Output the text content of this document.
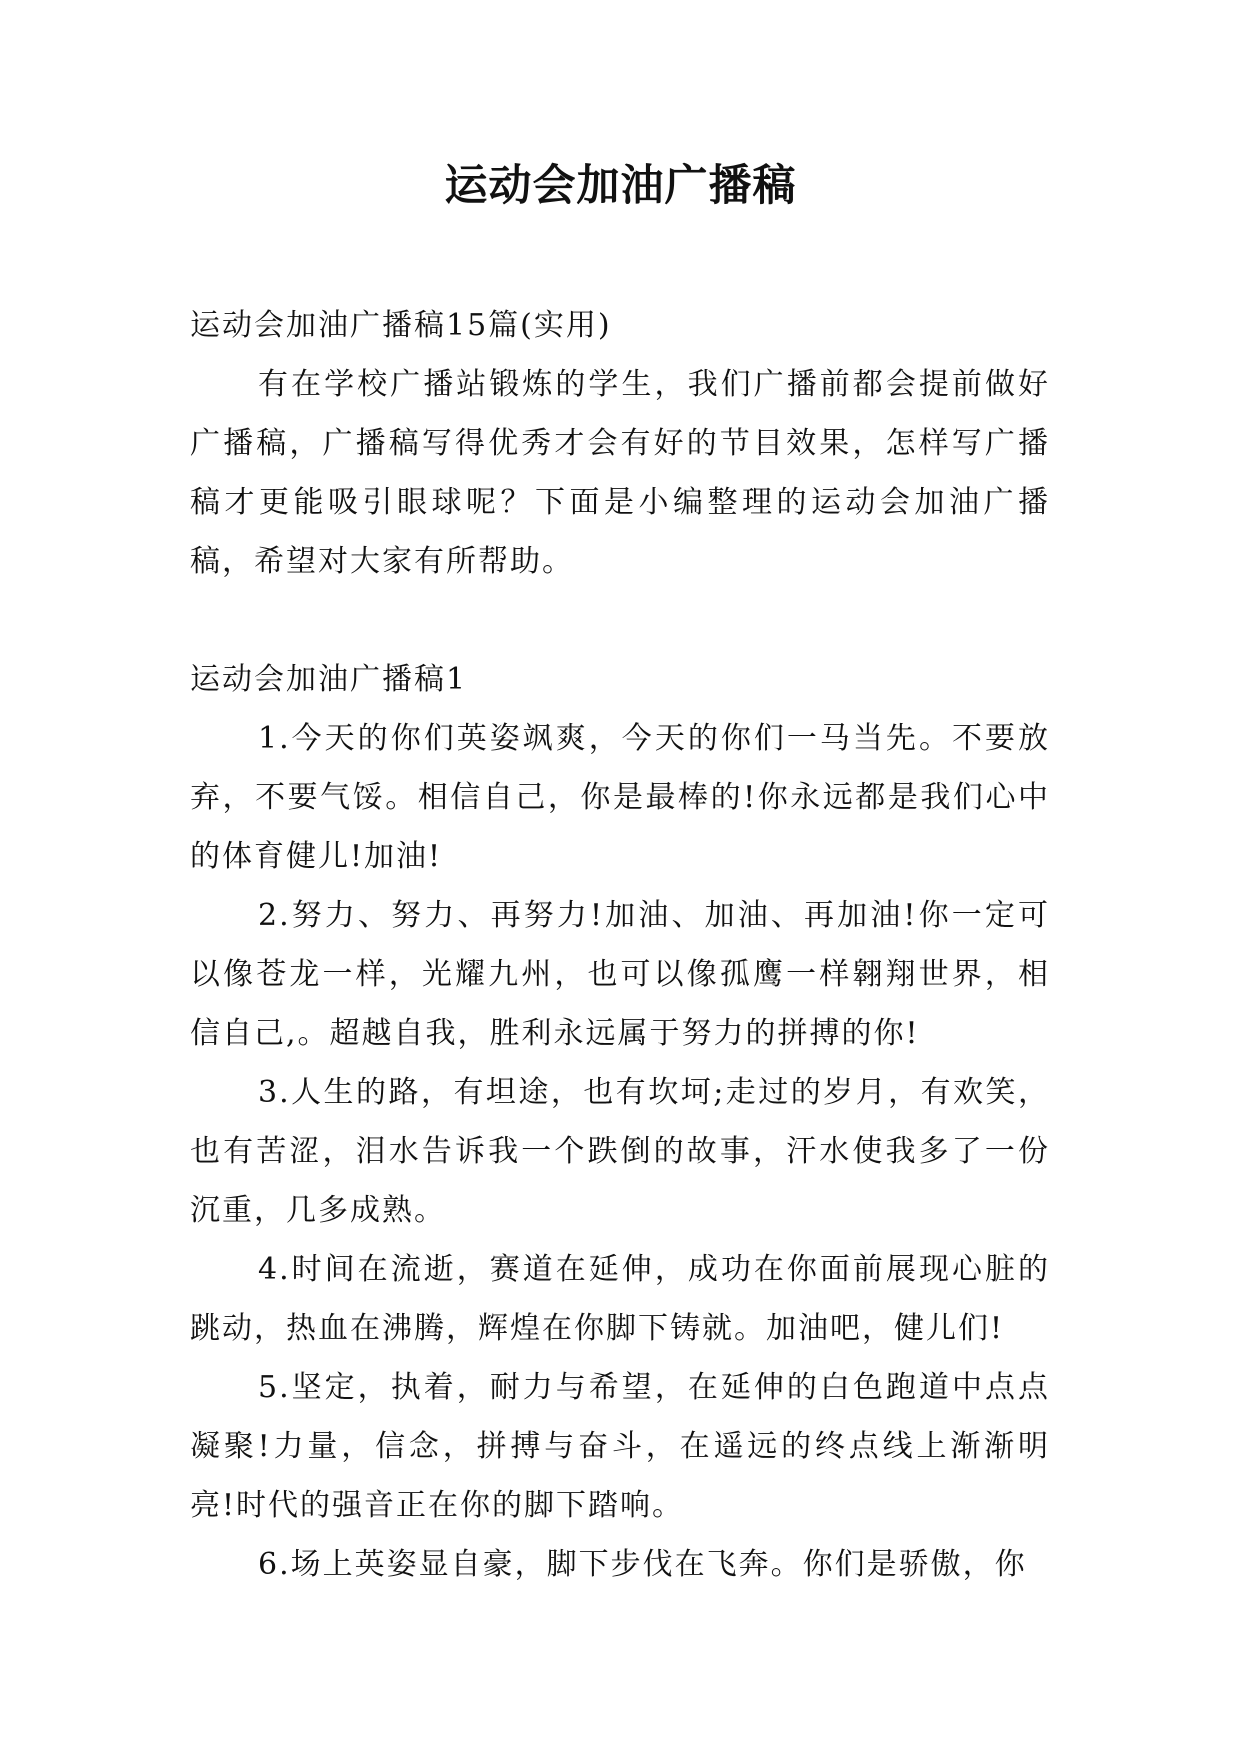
运动会加油广播稿

运动会加油广播稿15篇(实用)

有在学校广播站锻炼的学生，我们广播前都会提前做好广播稿，广播稿写得优秀才会有好的节目效果，怎样写广播稿才更能吸引眼球呢？下面是小编整理的运动会加油广播稿，希望对大家有所帮助。

运动会加油广播稿1

1.今天的你们英姿飒爽，今天的你们一马当先。不要放弃，不要气馁。相信自己，你是最棒的!你永远都是我们心中的体育健儿!加油!

2.努力、努力、再努力!加油、加油、再加油!你一定可以像苍龙一样，光耀九州，也可以像孤鹰一样翱翔世界，相信自己,。超越自我，胜利永远属于努力的拼搏的你!

3.人生的路，有坦途，也有坎坷;走过的岁月，有欢笑，也有苦涩，泪水告诉我一个跌倒的故事，汗水使我多了一份沉重，几多成熟。

4.时间在流逝，赛道在延伸，成功在你面前展现心脏的跳动，热血在沸腾，辉煌在你脚下铸就。加油吧，健儿们!

5.坚定，执着，耐力与希望，在延伸的白色跑道中点点凝聚!力量，信念，拼搏与奋斗，在遥远的终点线上渐渐明亮!时代的强音正在你的脚下踏响。

6.场上英姿显自豪，脚下步伐在飞奔。你们是骄傲，你
